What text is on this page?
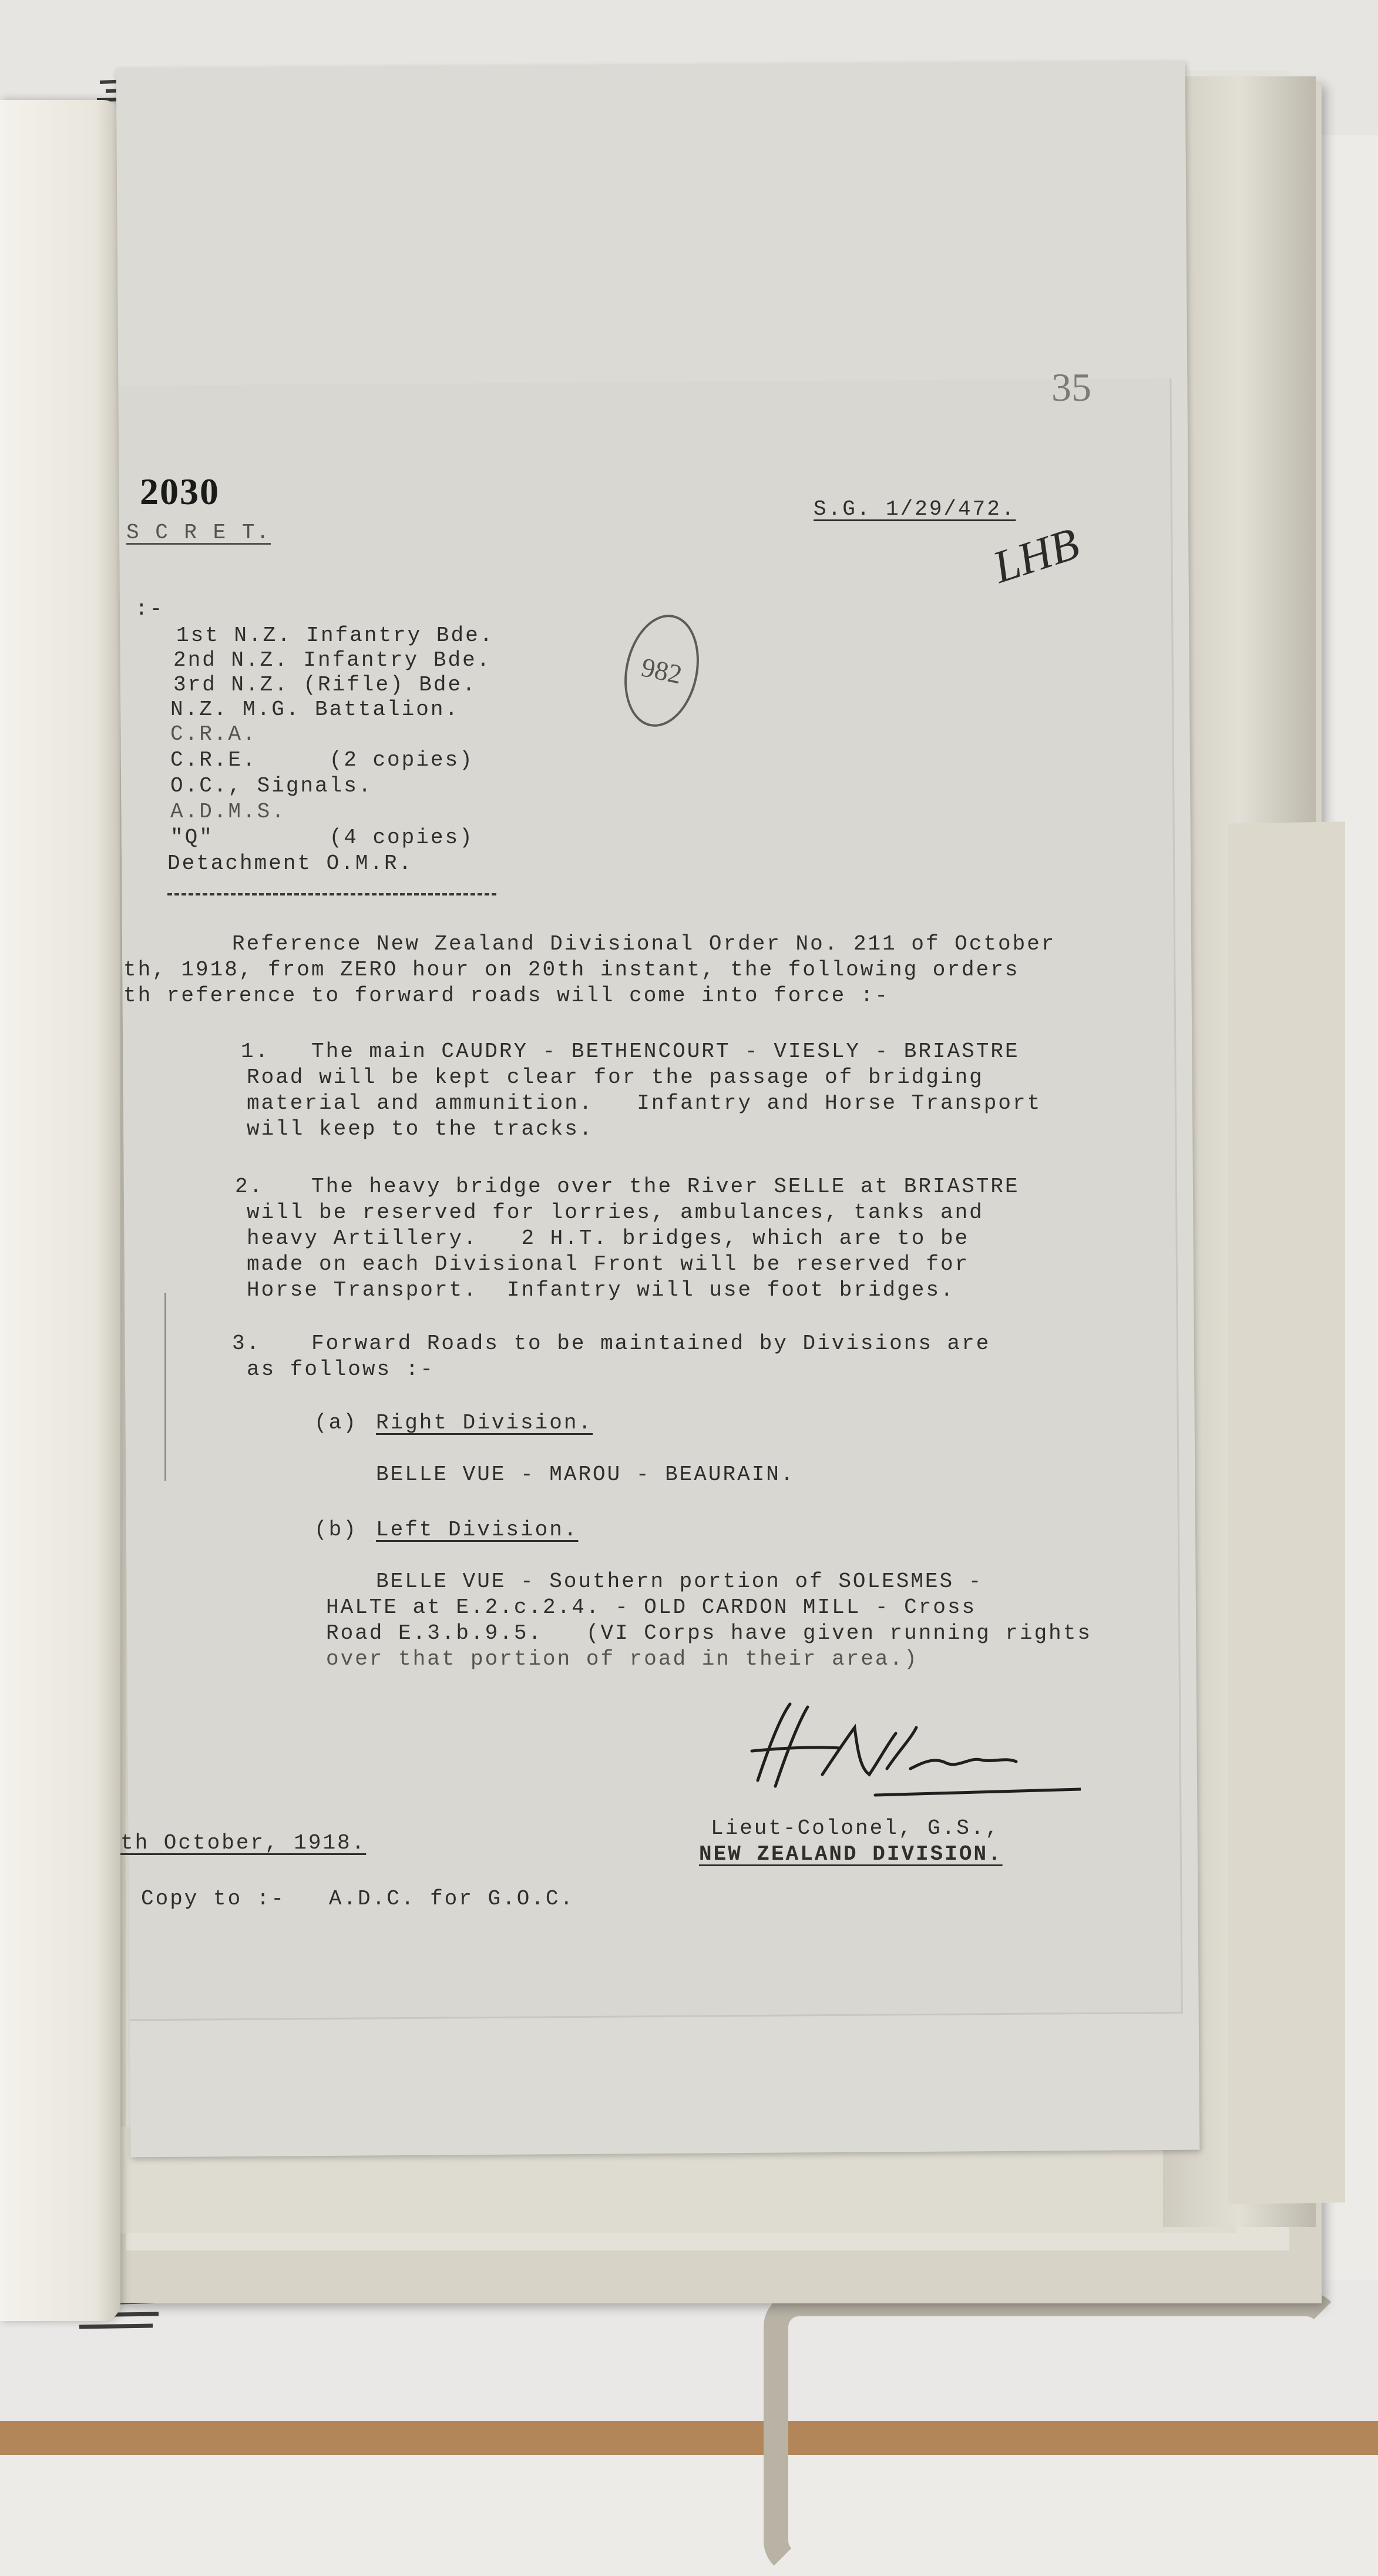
35
2030
S C R E T.
S.G. 1/29/472.
LHB
982
:-
1st N.Z. Infantry Bde.
2nd N.Z. Infantry Bde.
3rd N.Z. (Rifle) Bde.
N.Z. M.G. Battalion.
C.R.A.
C.R.E.     (2 copies)
O.C., Signals.
A.D.M.S.
"Q"        (4 copies)
Detachment O.M.R.
Reference New Zealand Divisional Order No. 211 of October
th, 1918, from ZERO hour on 20th instant, the following orders
th reference to forward roads will come into force :-
1. The main CAUDRY - BETHENCOURT - VIESLY - BRIASTRE
Road will be kept clear for the passage of bridging
material and ammunition.   Infantry and Horse Transport
will keep to the tracks.
2. The heavy bridge over the River SELLE at BRIASTRE
will be reserved for lorries, ambulances, tanks and
heavy Artillery.   2 H.T. bridges, which are to be
made on each Divisional Front will be reserved for
Horse Transport.  Infantry will use foot bridges.
3. Forward Roads to be maintained by Divisions are
as follows :-
(a) Right Division.
BELLE VUE - MAROU - BEAURAIN.
(b) Left Division.
BELLE VUE - Southern portion of SOLESMES -
HALTE at E.2.c.2.4. - OLD CARDON MILL - Cross
Road E.3.b.9.5.   (VI Corps have given running rights
over that portion of road in their area.)
th October, 1918.
Lieut-Colonel, G.S.,
NEW ZEALAND DIVISION.
Copy to :-   A.D.C. for G.O.C.
